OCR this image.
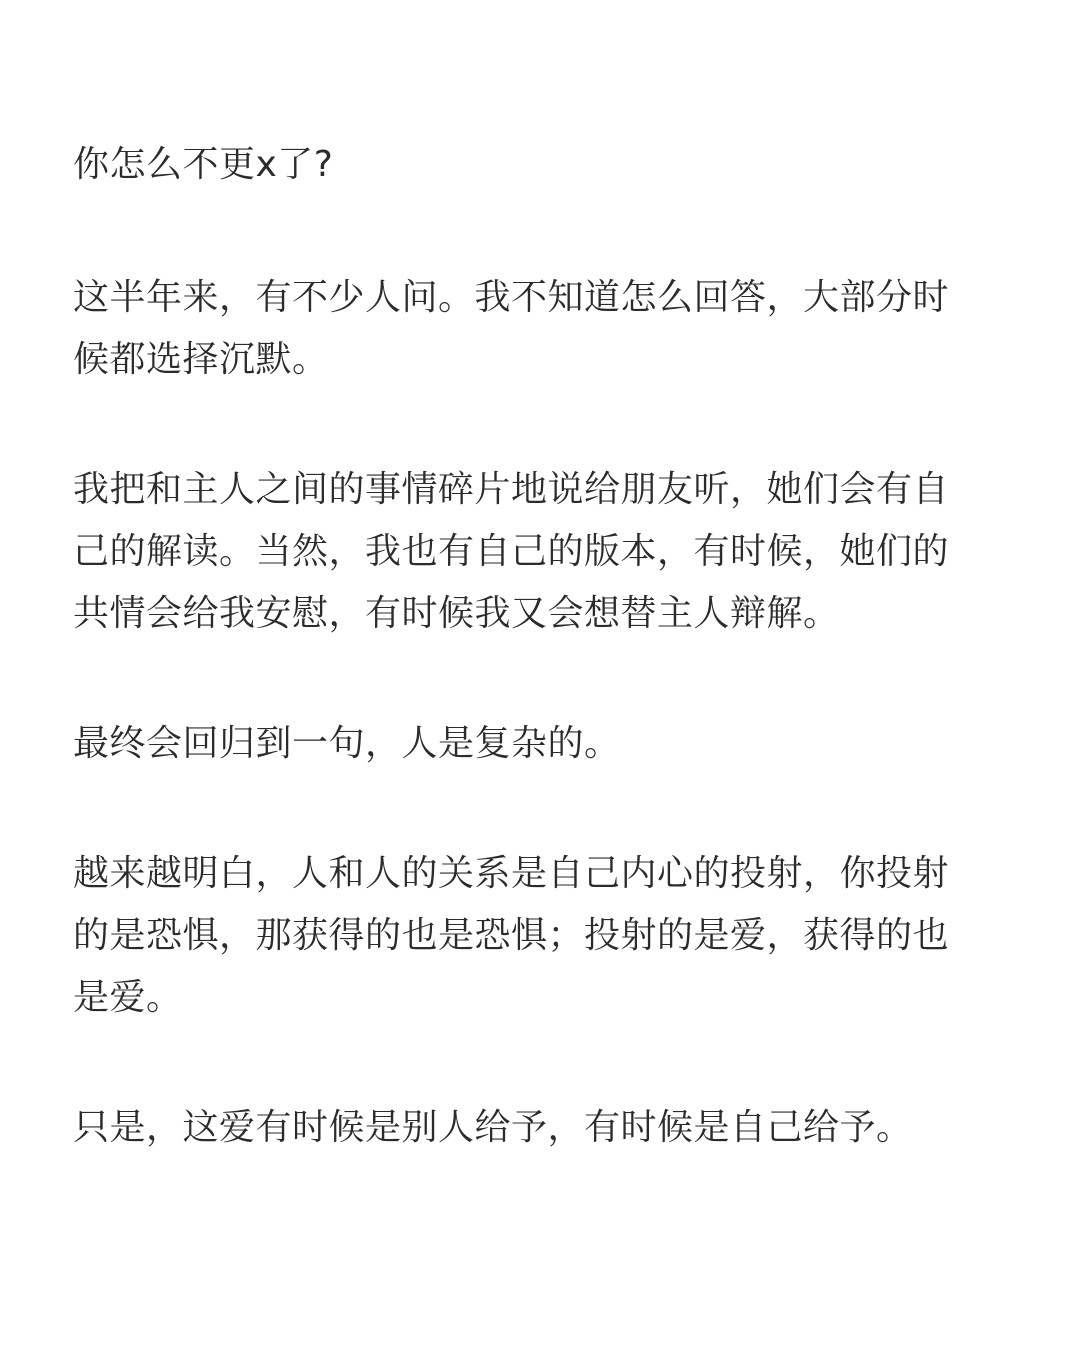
你怎么不更x了?

这半年来，有不少人问。我不知道怎么回答，大部分时
候都选择沉默。

我把和主人之间的事情碎片地说给朋友听，她们会有自
己的解读。当然，我也有自己的版本，有时候，她们的
共情会给我安慰，有时候我又会想替主人辩解。

最终会回归到一句，人是复杂的。

越来越明白，人和人的关系是自己内心的投射，你投射
的是恐惧，那获得的也是恐惧；投射的是爱，获得的也
是爱。

只是，这爱有时候是别人给予，有时候是自己给予。
